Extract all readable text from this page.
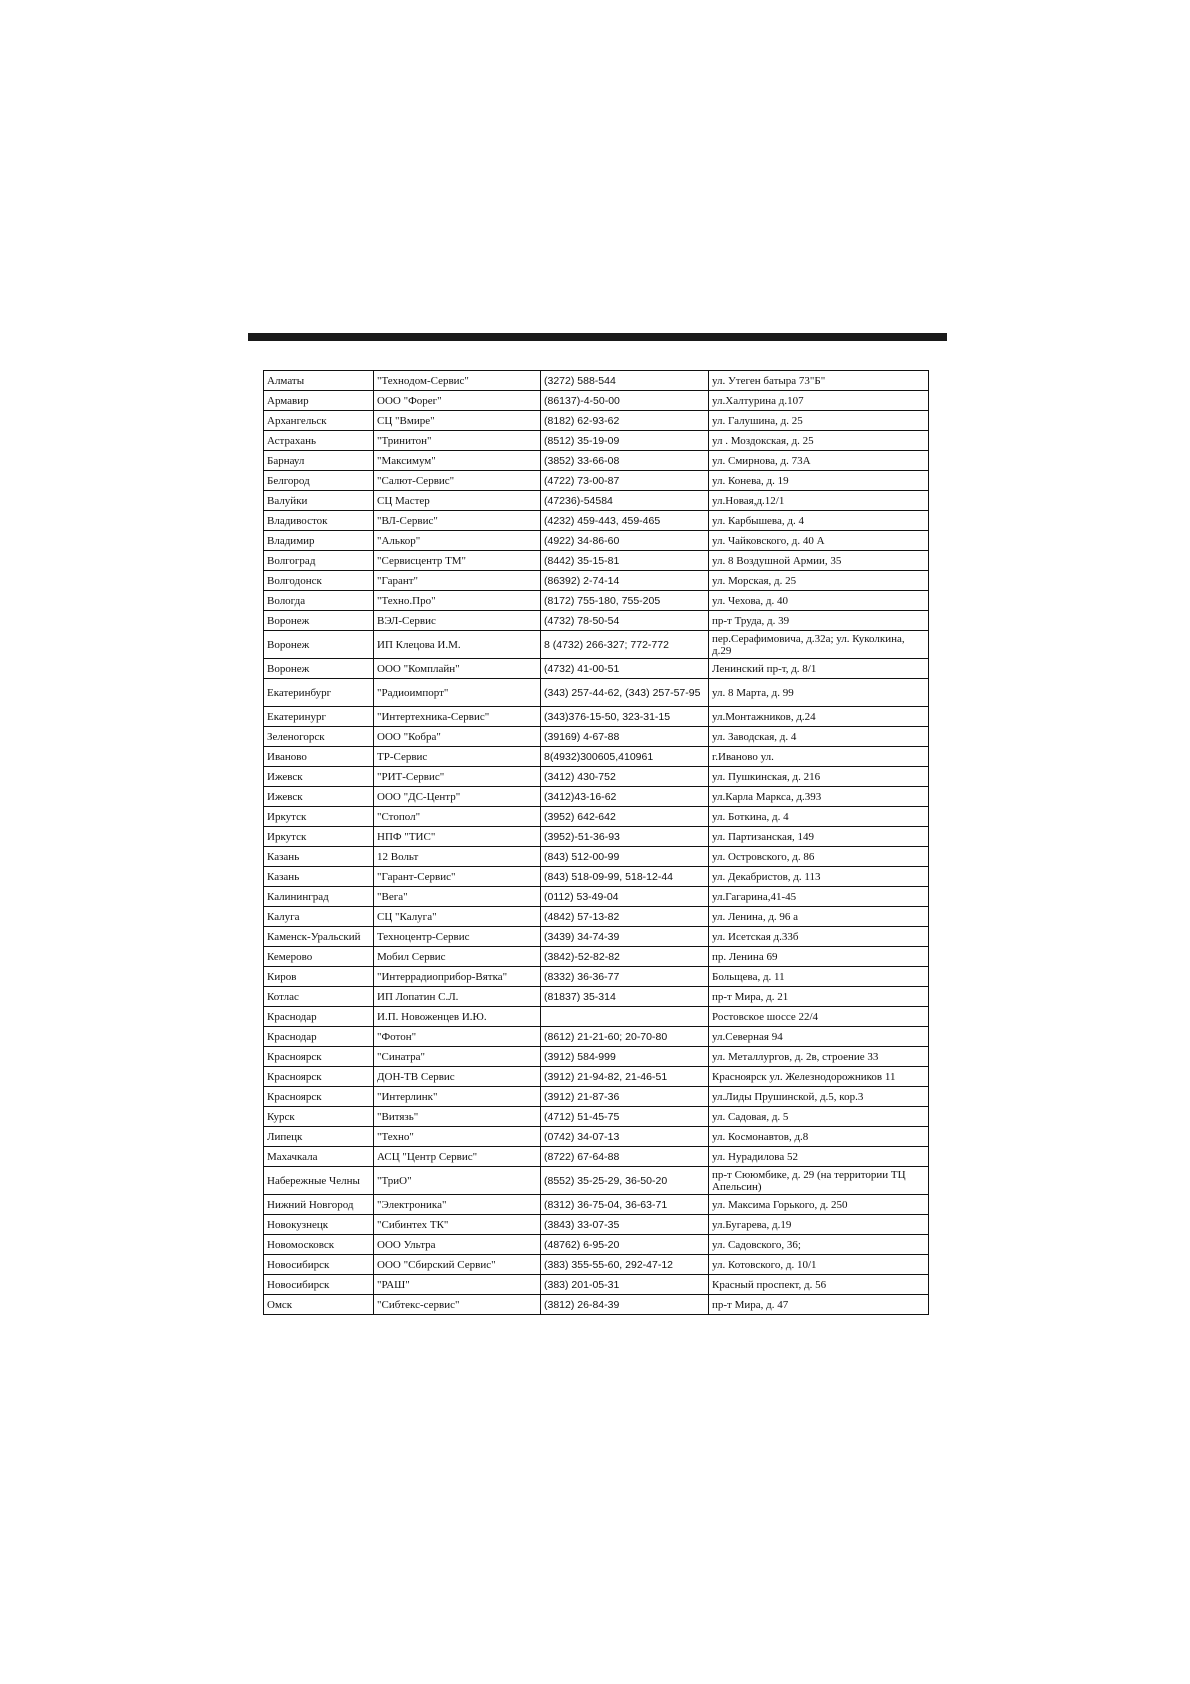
Алматы	"Технодом-Сервис"	(3272) 588-544	ул. Утеген батыра 73"Б"
Армавир	ООО "Форег"	(86137)-4-50-00	ул.Халтурина д.107
Архангельск	СЦ "Вмире"	(8182) 62-93-62	ул. Галушина, д. 25
Астрахань	"Тринитон"	(8512) 35-19-09	ул . Моздокская, д. 25
Барнаул	"Максимум"	(3852) 33-66-08	ул. Смирнова, д. 73А
Белгород	"Салют-Сервис"	(4722) 73-00-87	ул. Конева, д. 19
Валуйки	СЦ Мастер	(47236)-54584	ул.Новая,д.12/1
Владивосток	"ВЛ-Сервис"	(4232) 459-443, 459-465	ул. Карбышева, д. 4
Владимир	"Алькор"	(4922) 34-86-60	ул. Чайковского, д. 40 А
Волгоград	"Сервисцентр ТМ"	(8442) 35-15-81	ул. 8 Воздушной Армии, 35
Волгодонск	"Гарант"	(86392) 2-74-14	ул. Морская, д. 25
Вологда	"Техно.Про"	(8172) 755-180, 755-205	ул. Чехова, д. 40
Воронеж	ВЭЛ-Сервис	(4732) 78-50-54	пр-т Труда, д. 39
Воронеж	ИП Клецова И.М.	8 (4732) 266-327; 772-772	пер.Серафимовича, д.32а; ул. Куколкина, д.29
Воронеж	ООО "Комплайн"	(4732) 41-00-51	Ленинский пр-т, д. 8/1
Екатеринбург	"Радиоимпорт"	(343) 257-44-62, (343) 257-57-95	ул. 8 Марта, д. 99
Екатеринург	"Интертехника-Сервис"	(343)376-15-50, 323-31-15	ул.Монтажников, д.24
Зеленогорск	ООО "Кобра"	(39169) 4-67-88	ул. Заводская, д. 4
Иваново	ТР-Сервис	8(4932)300605,410961	г.Иваново ул.
Ижевск	"РИТ-Сервис"	(3412) 430-752	ул. Пушкинская, д. 216
Ижевск	ООО "ДС-Центр"	(3412)43-16-62	ул.Карла Маркса, д.393
Иркутск	"Стопол"	(3952) 642-642	ул. Боткина, д. 4
Иркутск	НПФ "ТИС"	(3952)-51-36-93	ул. Партизанская, 149
Казань	12 Вольт	(843) 512-00-99	ул. Островского, д. 86
Казань	"Гарант-Сервис"	(843) 518-09-99, 518-12-44	ул. Декабристов, д. 113
Калининград	"Вега"	(0112) 53-49-04	ул.Гагарина,41-45
Калуга	СЦ "Калуга"	(4842) 57-13-82	ул. Ленина, д. 96 а
Каменск-Уральский	Техноцентр-Сервис	(3439) 34-74-39	ул. Исетская д.33б
Кемерово	Мобил Сервис	(3842)-52-82-82	пр. Ленина 69
Киров	"Интеррадиоприбор-Вятка"	(8332) 36-36-77	Больщева, д. 11
Котлас	ИП Лопатин С.Л.	(81837) 35-314	пр-т Мира, д. 21
Краснодар	И.П. Новоженцев И.Ю.		Ростовское шоссе 22/4
Краснодар	"Фотон"	(8612) 21-21-60; 20-70-80	ул.Северная 94
Красноярск	"Синатра"	(3912) 584-999	ул. Металлургов, д. 2в, строение 33
Красноярск	ДОН-ТВ Сервис	(3912) 21-94-82, 21-46-51	Красноярск ул. Железнодорожников 11
Красноярск	"Интерлинк"	(3912) 21-87-36	ул.Лиды Прушинской, д.5, кор.3
Курск	"Витязь"	(4712) 51-45-75	ул. Садовая, д. 5
Липецк	"Техно"	(0742) 34-07-13	ул. Космонавтов, д.8
Махачкала	АСЦ "Центр Сервис"	(8722) 67-64-88	ул. Нурадилова 52
Набережные Челны	"ТриО"	(8552) 35-25-29, 36-50-20	пр-т Сююмбике, д. 29 (на территории ТЦ Апельсин)
Нижний Новгород	"Электроника"	(8312) 36-75-04, 36-63-71	ул. Максима Горького, д. 250
Новокузнецк	"Сибинтех ТК"	(3843) 33-07-35	ул.Бугарева, д.19
Новомосковск	ООО Ультра	(48762) 6-95-20	ул. Садовского, 36;
Новосибирск	ООО "Сбирский Сервис"	(383) 355-55-60, 292-47-12	ул. Котовского, д. 10/1
Новосибирск	"РАШ"	(383) 201-05-31	Красный проспект, д. 56
Омск	"Сибтекс-сервис"	(3812) 26-84-39	пр-т Мира, д. 47
